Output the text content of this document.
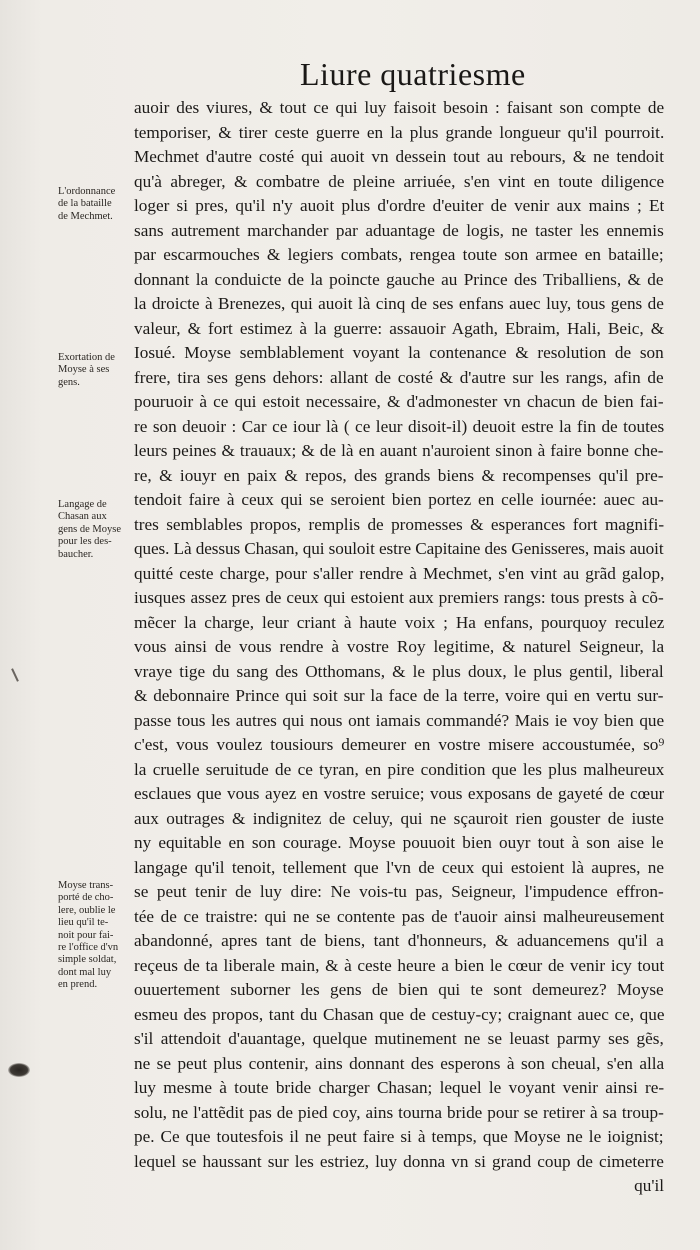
Liure quatriesme
auoir des viures, & tout ce qui luy faisoit besoin : faisant son compte de
temporiser, & tirer ceste guerre en la plus grande longueur qu'il pourroit.
Mechmet d'autre costé qui auoit vn dessein tout au rebours, & ne tendoit
qu'à abreger, & combatre de pleine arriuée, s'en vint en toute diligence
loger si pres, qu'il n'y auoit plus d'ordre d'euiter de venir aux mains ; Et
sans autrement marchander par aduantage de logis, ne taster les ennemis
par escarmouches & legiers combats, rengea toute son armee en bataille;
donnant la conduicte de la poincte gauche au Prince des Triballiens, & de
la droicte à Brenezes, qui auoit là cinq de ses enfans auec luy, tous gens de
valeur, & fort estimez à la guerre: assauoir Agath, Ebraim, Hali, Beic, &
Iosué. Moyse semblablement voyant la contenance & resolution de son
frere, tira ses gens dehors: allant de costé & d'autre sur les rangs, afin de
pouruoir à ce qui estoit necessaire, & d'admonester vn chacun de bien fai-
re son deuoir : Car ce iour là ( ce leur disoit-il) deuoit estre la fin de toutes
leurs peines & trauaux; & de là en auant n'auroient sinon à faire bonne che-
re, & iouyr en paix & repos, des grands biens & recompenses qu'il pre-
tendoit faire à ceux qui se seroient bien portez en celle iournée: auec au-
tres semblables propos, remplis de promesses & esperances fort magnifi-
ques. Là dessus Chasan, qui souloit estre Capitaine des Genisseres, mais auoit
quitté ceste charge, pour s'aller rendre à Mechmet, s'en vint au grãd galop,
iusques assez pres de ceux qui estoient aux premiers rangs: tous prests à cõ-
mẽcer la charge, leur criant à haute voix ; Ha enfans, pourquoy reculez
vous ainsi de vous rendre à vostre Roy legitime, & naturel Seigneur, la
vraye tige du sang des Otthomans, & le plus doux, le plus gentil, liberal
& debonnaire Prince qui soit sur la face de la terre, voire qui en vertu sur-
passe tous les autres qui nous ont iamais commandé? Mais ie voy bien que
c'est, vous voulez tousiours demeurer en vostre misere accoustumée, so⁹
la cruelle seruitude de ce tyran, en pire condition que les plus malheureux
esclaues que vous ayez en vostre seruice; vous exposans de gayeté de cœur
aux outrages & indignitez de celuy, qui ne sçauroit rien gouster de iuste
ny equitable en son courage. Moyse pouuoit bien ouyr tout à son aise le
langage qu'il tenoit, tellement que l'vn de ceux qui estoient là aupres, ne
se peut tenir de luy dire: Ne vois-tu pas, Seigneur, l'impudence effron-
tée de ce traistre: qui ne se contente pas de t'auoir ainsi malheureusement
abandonné, apres tant de biens, tant d'honneurs, & aduancemens qu'il a
reçeus de ta liberale main, & à ceste heure a bien le cœur de venir icy tout
ouuertement suborner les gens de bien qui te sont demeurez? Moyse
esmeu des propos, tant du Chasan que de cestuy-cy; craignant auec ce, que
s'il attendoit d'auantage, quelque mutinement ne se leuast parmy ses gẽs,
ne se peut plus contenir, ains donnant des esperons à son cheual, s'en alla
luy mesme à toute bride charger Chasan; lequel le voyant venir ainsi re-
solu, ne l'attẽdit pas de pied coy, ains tourna bride pour se retirer à sa troup-
pe. Ce que toutesfois il ne peut faire si à temps, que Moyse ne le ioignist;
lequel se haussant sur les estriez, luy donna vn si grand coup de cimeterre
qu'il
L'ordonnance
de la bataille
de Mechmet.
Exortation de
Moyse à ses
gens.
Langage de
Chasan aux
gens de Moyse
pour les des-
baucher.
Moyse trans-
porté de cho-
lere, oublie le
lieu qu'il te-
noit pour fai-
re l'office d'vn
simple soldat,
dont mal luy
en prend.
